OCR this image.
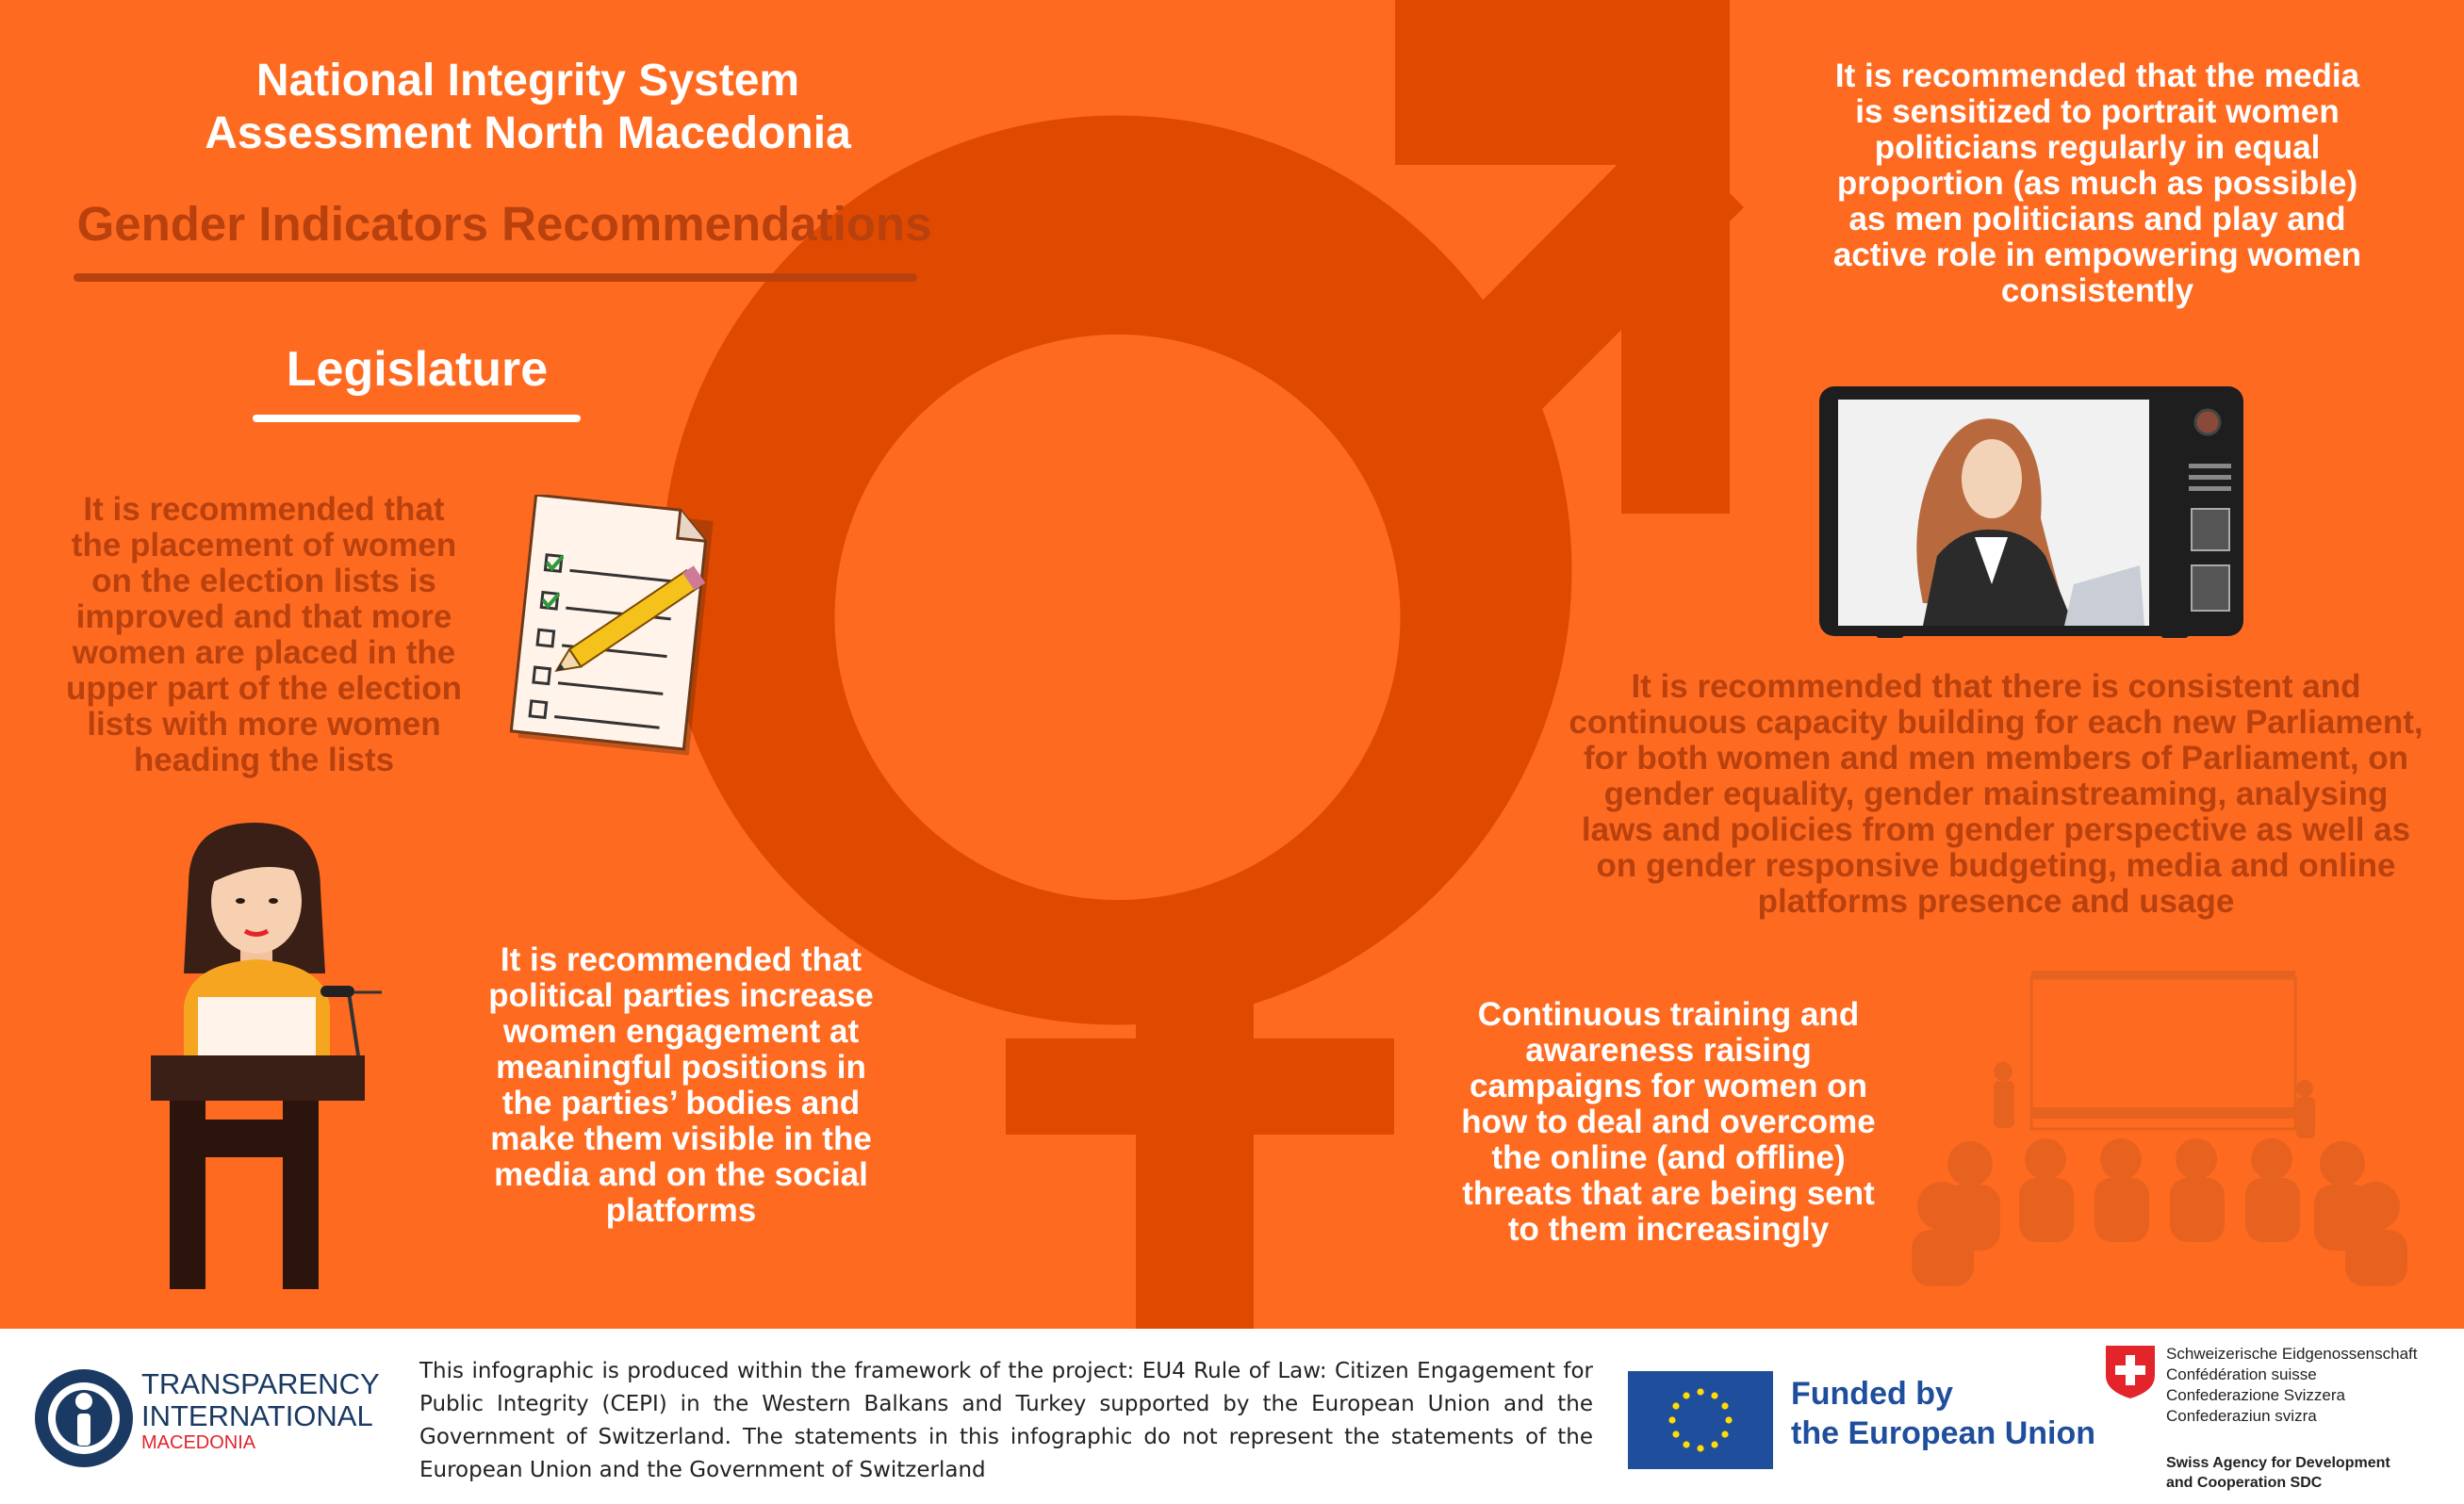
National Integrity System
Assessment North Macedonia
Gender Indicators Recommendations
Legislature
It is recommended that the placement of women on the election lists is improved and that more women are placed in the upper part of the election lists with more women heading the lists
It is recommended that political parties increase women engagement at meaningful positions in the parties’ bodies and make them visible in the media and on the social platforms
It is recommended that the media is sensitized to portrait women politicians regularly in equal proportion (as much as possible) as men politicians and play and active role in empowering women consistently
It is recommended that there is consistent and continuous capacity building for each new Parliament, for both women and men members of Parliament, on gender equality, gender mainstreaming, analysing laws and policies from gender perspective as well as on gender responsive budgeting, media and online platforms presence and usage
Continuous training and awareness raising campaigns for women on how to deal and overcome the online (and offline) threats that are being sent to them increasingly
TRANSPARENCY
INTERNATIONAL
MACEDONIA
This infographic is produced within the framework of the project: EU4 Rule of Law: Citizen Engagement for Public Integrity (CEPI) in the Western Balkans and Turkey supported by the European Union and the Government of Switzerland. The statements in this infographic do not represent the statements of the European Union and the Government of Switzerland
Funded by
the European Union
Schweizerische Eidgenossenschaft
Confédération suisse
Confederazione Svizzera
Confederaziun svizra
Swiss Agency for Development
and Cooperation SDC
